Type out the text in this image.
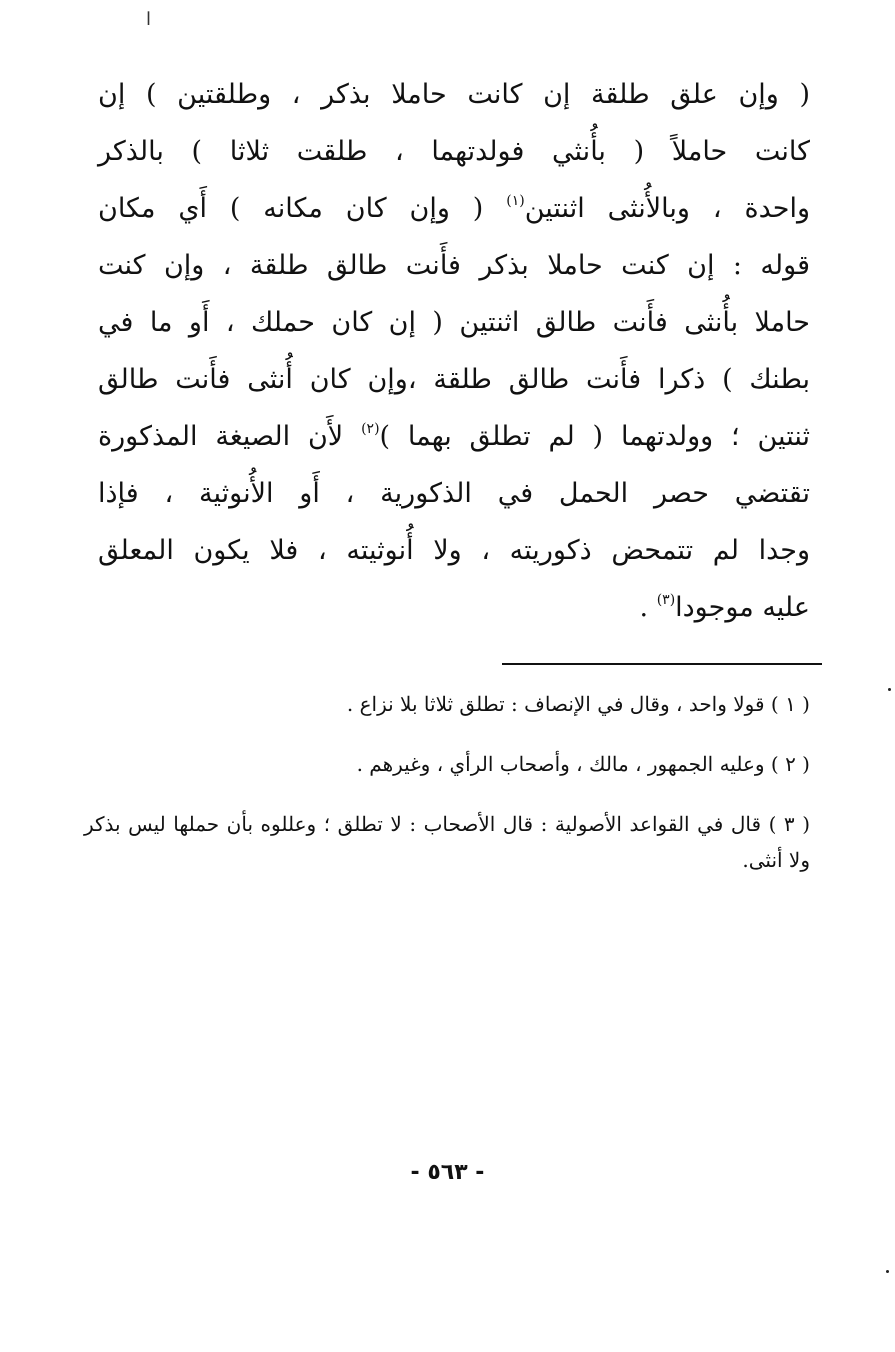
ا
( وإن علق طلقة إن كانت حاملا بذكر ، وطلقتين ) إن
كانت حاملاً ( بأُنثي فولدتهما ، طلقت ثلاثا ) بالذكر
واحدة ، وبالأُنثى اثنتين$^{(١)}$ ( وإن كان مكانه ) أَي مكان
قوله : إن كنت حاملا بذكر فأَنت طالق طلقة ، وإن كنت
حاملا بأُنثى فأَنت طالق اثنتين ( إن كان حملك ، أَو ما في
بطنك ) ذكرا فأَنت طالق طلقة ،وإن كان أُنثى فأَنت طالق
ثنتين ؛ وولدتهما ( لم تطلق بهما )$^{(٢)}$ لأَن الصيغة المذكورة
تقتضي حصر الحمل في الذكورية ، أَو الأُنوثية ، فإذا
وجدا لم تتمحض ذكوريته ، ولا أُنوثيته ، فلا يكون المعلق
عليه موجودا$^{(٣)}$ .
( ١ ) قولا واحد ، وقال في الإنصاف : تطلق ثلاثا بلا نزاع .
( ٢ ) وعليه الجمهور ، مالك ، وأصحاب الرأي ، وغيرهم .
( ٣ ) قال في القواعد الأصولية : قال الأصحاب : لا تطلق ؛ وعللوه بأن حملها ليس بذكر ولا أنثى.
- ٥٦٣ -
